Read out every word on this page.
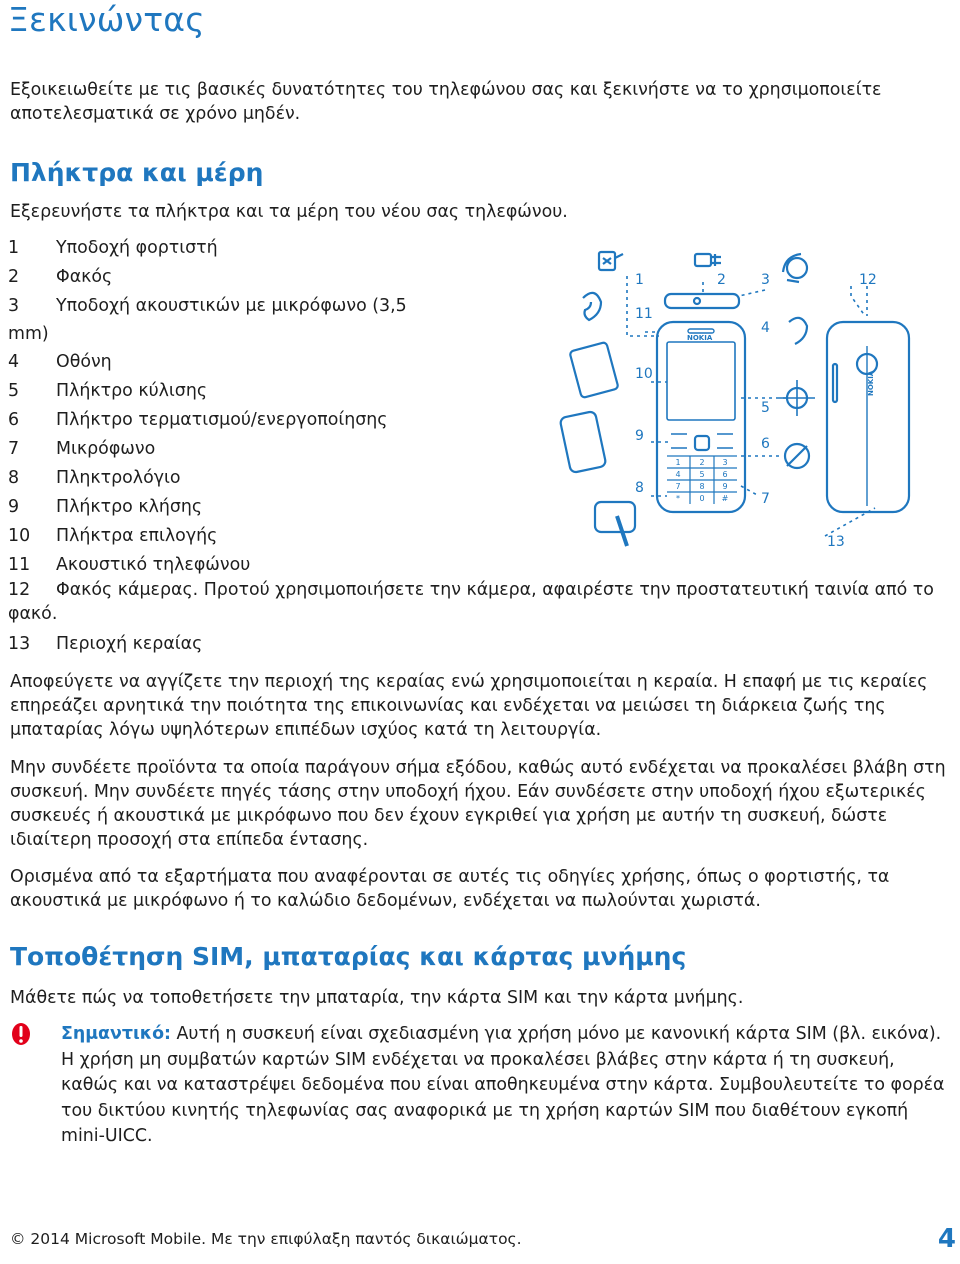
Ξεκινώντας

Εξοικειωθείτε με τις βασικές δυνατότητες του τηλεφώνου σας και ξεκινήστε να το χρησιμοποιείτε αποτελεσματικά σε χρόνο μηδέν.

Πλήκτρα και μέρη

Εξερευνήστε τα πλήκτρα και τα μέρη του νέου σας τηλεφώνου.

1	Υποδοχή φορτιστή
2	Φακός
3 Υποδοχή ακουστικών με μικρόφωνο (3,5 mm)
4	Οθόνη
5	Πλήκτρο κύλισης
6	Πλήκτρο τερματισμού/ενεργοποίησης
7	Μικρόφωνο
8	Πληκτρολόγιο
9	Πλήκτρο κλήσης
10	Πλήκτρα επιλογής
11	Ακουστικό τηλεφώνου
12 Φακός κάμερας. Προτού χρησιμοποιήσετε την κάμερα, αφαιρέστε την προστατευτική ταινία από το φακό.
13 Περιοχή κεραίας

Αποφεύγετε να αγγίζετε την περιοχή της κεραίας ενώ χρησιμοποιείται η κεραία. Η επαφή με τις κεραίες επηρεάζει αρνητικά την ποιότητα της επικοινωνίας και ενδέχεται να μειώσει τη διάρκεια ζωής της μπαταρίας λόγω υψηλότερων επιπέδων ισχύος κατά τη λειτουργία.

Μην συνδέετε προϊόντα τα οποία παράγουν σήμα εξόδου, καθώς αυτό ενδέχεται να προκαλέσει βλάβη στη συσκευή. Μην συνδέετε πηγές τάσης στην υποδοχή ήχου. Εάν συνδέσετε στην υποδοχή ήχου εξωτερικές συσκευές ή ακουστικά με μικρόφωνο που δεν έχουν εγκριθεί για χρήση με αυτήν τη συσκευή, δώστε ιδιαίτερη προσοχή στα επίπεδα έντασης.

Ορισμένα από τα εξαρτήματα που αναφέρονται σε αυτές τις οδηγίες χρήσης, όπως ο φορτιστής, τα ακουστικά με μικρόφωνο ή το καλώδιο δεδομένων, ενδέχεται να πωλούνται χωριστά.

Τοποθέτηση SIM, μπαταρίας και κάρτας μνήμης

Μάθετε πώς να τοποθετήσετε την μπαταρία, την κάρτα SIM και την κάρτα μνήμης.

Σημαντικό: Αυτή η συσκευή είναι σχεδιασμένη για χρήση μόνο με κανονική κάρτα SIM (βλ. εικόνα). Η χρήση μη συμβατών καρτών SIM ενδέχεται να προκαλέσει βλάβες στην κάρτα ή τη συσκευή, καθώς και να καταστρέψει δεδομένα που είναι αποθηκευμένα στην κάρτα. Συμβουλευτείτε το φορέα του δικτύου κινητής τηλεφωνίας σας αναφορικά με τη χρήση καρτών SIM που διαθέτουν εγκοπή mini-UICC.

© 2014 Microsoft Mobile. Με την επιφύλαξη παντός δικαιώματος.	4
1	2	3
4
5
6
7
8
9
10
11
12
13
NOKIA
1 2 3
4 5 6
7 8 9
* 0 #
NOKIA
